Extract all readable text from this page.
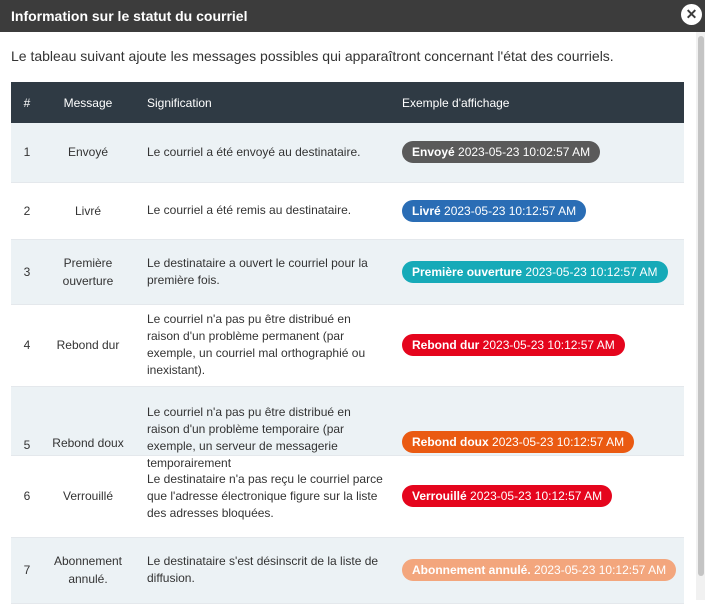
Information sur le statut du courriel	✕
Le tableau suivant ajoute les messages possibles qui apparaîtront concernant l'état des courriels.
#	Message	Signification	Exemple d'affichage
1	Envoyé	Le courriel a été envoyé au destinataire.	Envoyé 2023-05-23 10:02:57 AM
2	Livré	Le courriel a été remis au destinataire.	Livré 2023-05-23 10:12:57 AM
3	Première ouverture	Le destinataire a ouvert le courriel pour la première fois.	Première ouverture 2023-05-23 10:12:57 AM
4	Rebond dur	Le courriel n'a pas pu être distribué en raison d'un problème permanent (par exemple, un courriel mal orthographié ou inexistant).	Rebond dur 2023-05-23 10:12:57 AM
5	Rebond doux	Le courriel n'a pas pu être distribué en raison d'un problème temporaire (par exemple, un serveur de messagerie temporairement	Rebond doux 2023-05-23 10:12:57 AM
6	Verrouillé	Le destinataire n'a pas reçu le courriel parce que l'adresse électronique figure sur la liste des adresses bloquées.	Verrouillé 2023-05-23 10:12:57 AM
7	Abonnement annulé.	Le destinataire s'est désinscrit de la liste de diffusion.	Abonnement annulé. 2023-05-23 10:12:57 AM
